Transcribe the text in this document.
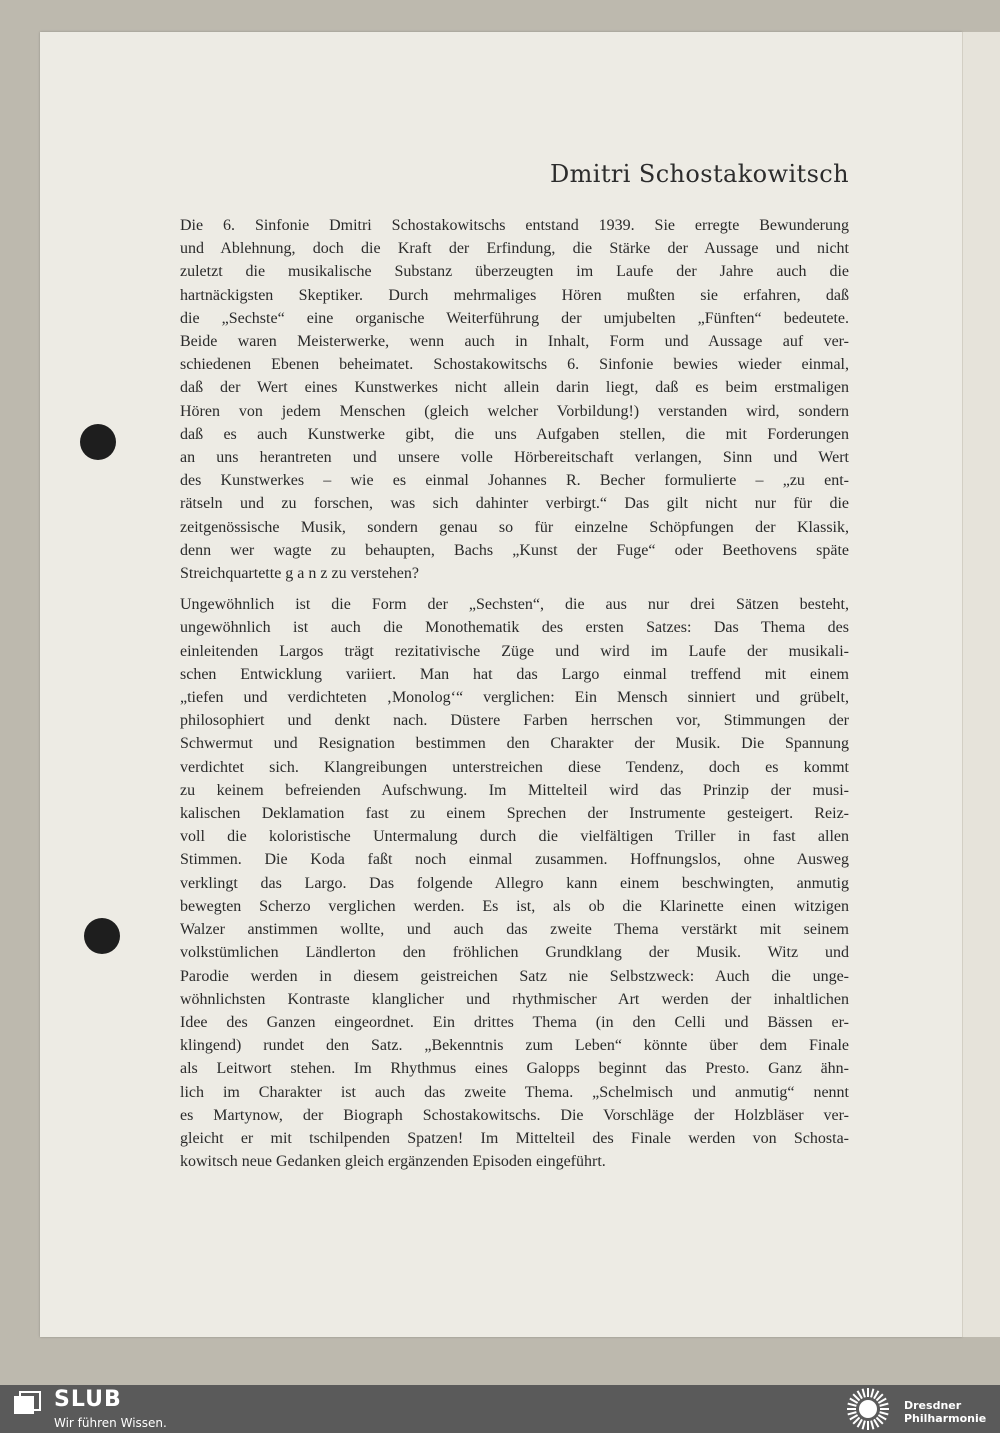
Dmitri Schostakowitsch
Die 6. Sinfonie Dmitri Schostakowitschs entstand 1939. Sie erregte Bewunderung
und Ablehnung, doch die Kraft der Erfindung, die Stärke der Aussage und nicht
zuletzt die musikalische Substanz überzeugten im Laufe der Jahre auch die
hartnäckigsten Skeptiker. Durch mehrmaliges Hören mußten sie erfahren, daß
die „Sechste“ eine organische Weiterführung der umjubelten „Fünften“ bedeutete.
Beide waren Meisterwerke, wenn auch in Inhalt, Form und Aussage auf ver-
schiedenen Ebenen beheimatet. Schostakowitschs 6. Sinfonie bewies wieder einmal,
daß der Wert eines Kunstwerkes nicht allein darin liegt, daß es beim erstmaligen
Hören von jedem Menschen (gleich welcher Vorbildung!) verstanden wird, sondern
daß es auch Kunstwerke gibt, die uns Aufgaben stellen, die mit Forderungen
an uns herantreten und unsere volle Hörbereitschaft verlangen, Sinn und Wert
des Kunstwerkes – wie es einmal Johannes R. Becher formulierte – „zu ent-
rätseln und zu forschen, was sich dahinter verbirgt.“ Das gilt nicht nur für die
zeitgenössische Musik, sondern genau so für einzelne Schöpfungen der Klassik,
denn wer wagte zu behaupten, Bachs „Kunst der Fuge“ oder Beethovens späte
Streichquartette g a n z zu verstehen?
Ungewöhnlich ist die Form der „Sechsten“, die aus nur drei Sätzen besteht,
ungewöhnlich ist auch die Monothematik des ersten Satzes: Das Thema des
einleitenden Largos trägt rezitativische Züge und wird im Laufe der musikali-
schen Entwicklung variiert. Man hat das Largo einmal treffend mit einem
„tiefen und verdichteten ‚Monolog‘“ verglichen: Ein Mensch sinniert und grübelt,
philosophiert und denkt nach. Düstere Farben herrschen vor, Stimmungen der
Schwermut und Resignation bestimmen den Charakter der Musik. Die Spannung
verdichtet sich. Klangreibungen unterstreichen diese Tendenz, doch es kommt
zu keinem befreienden Aufschwung. Im Mittelteil wird das Prinzip der musi-
kalischen Deklamation fast zu einem Sprechen der Instrumente gesteigert. Reiz-
voll die koloristische Untermalung durch die vielfältigen Triller in fast allen
Stimmen. Die Koda faßt noch einmal zusammen. Hoffnungslos, ohne Ausweg
verklingt das Largo. Das folgende Allegro kann einem beschwingten, anmutig
bewegten Scherzo verglichen werden. Es ist, als ob die Klarinette einen witzigen
Walzer anstimmen wollte, und auch das zweite Thema verstärkt mit seinem
volkstümlichen Ländlerton den fröhlichen Grundklang der Musik. Witz und
Parodie werden in diesem geistreichen Satz nie Selbstzweck: Auch die unge-
wöhnlichsten Kontraste klanglicher und rhythmischer Art werden der inhaltlichen
Idee des Ganzen eingeordnet. Ein drittes Thema (in den Celli und Bässen er-
klingend) rundet den Satz. „Bekenntnis zum Leben“ könnte über dem Finale
als Leitwort stehen. Im Rhythmus eines Galopps beginnt das Presto. Ganz ähn-
lich im Charakter ist auch das zweite Thema. „Schelmisch und anmutig“ nennt
es Martynow, der Biograph Schostakowitschs. Die Vorschläge der Holzbläser ver-
gleicht er mit tschilpenden Spatzen! Im Mittelteil des Finale werden von Schosta-
kowitsch neue Gedanken gleich ergänzenden Episoden eingeführt.
SLUB
Wir führen Wissen.
Dresdner
Philharmonie
